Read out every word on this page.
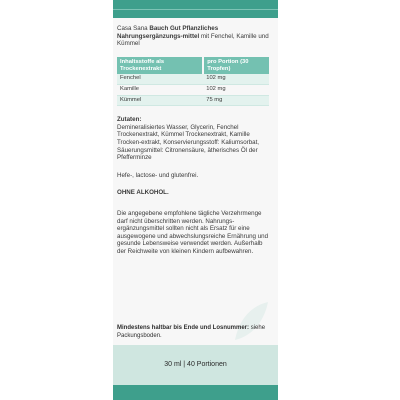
Casa Sana Bauch Gut Pflanzliches Nahrungsergänzungs-mittel mit Fenchel, Kamille und Kümmel
Inhaltsstoffe als Trockenextrakt	pro Portion (30 Tropfen)
Fenchel	102 mg
Kamille	102 mg
Kümmel	75 mg
Zutaten:
Demineralisiertes Wasser, Glycerin, Fenchel Trockenextrakt, Kümmel Trockenextrakt, Kamille Trocken-extrakt, Konservierungsstoff: Kaliumsorbat, Säuerungsmittel: Citronensäure, ätherisches Öl der Pfefferminze
Hefe-, lactose- und glutenfrei.
OHNE ALKOHOL.
Die angegebene empfohlene tägliche Verzehrmenge darf nicht überschritten werden. Nahrungs-ergänzungsmittel sollten nicht als Ersatz für eine ausgewogene und abwechslungsreiche Ernährung und gesunde Lebensweise verwendet werden. Außerhalb der Reichweite von kleinen Kindern aufbewahren.
Mindestens haltbar bis Ende und Losnummer: siehe Packungsboden.
30 ml | 40 Portionen
